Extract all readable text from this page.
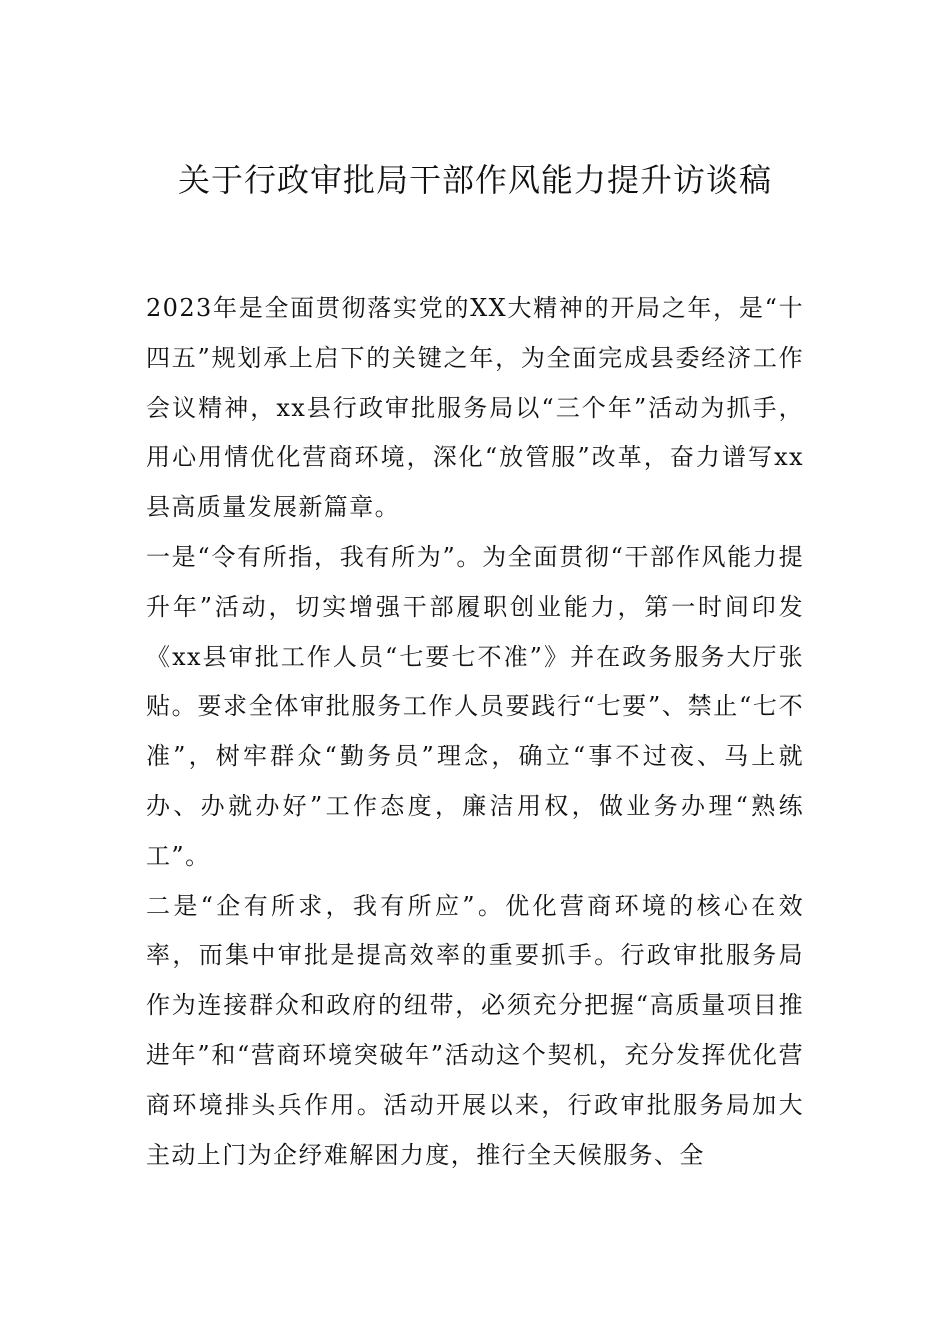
关于行政审批局干部作风能力提升访谈稿

2023年是全面贯彻落实党的XX大精神的开局之年，是“十四五”规划承上启下的关键之年，为全面完成县委经济工作会议精神，xx县行政审批服务局以“三个年”活动为抓手，用心用情优化营商环境，深化“放管服”改革，奋力谱写xx县高质量发展新篇章。

一是“令有所指，我有所为”。为全面贯彻“干部作风能力提升年”活动，切实增强干部履职创业能力，第一时间印发《xx县审批工作人员“七要七不准”》并在政务服务大厅张贴。要求全体审批服务工作人员要践行“七要”、禁止“七不准”，树牢群众“勤务员”理念，确立“事不过夜、马上就办、办就办好”工作态度，廉洁用权，做业务办理“熟练工”。

二是“企有所求，我有所应”。优化营商环境的核心在效率，而集中审批是提高效率的重要抓手。行政审批服务局作为连接群众和政府的纽带，必须充分把握“高质量项目推进年”和“营商环境突破年”活动这个契机，充分发挥优化营商环境排头兵作用。活动开展以来，行政审批服务局加大主动上门为企纾难解困力度，推行全天候服务、全
